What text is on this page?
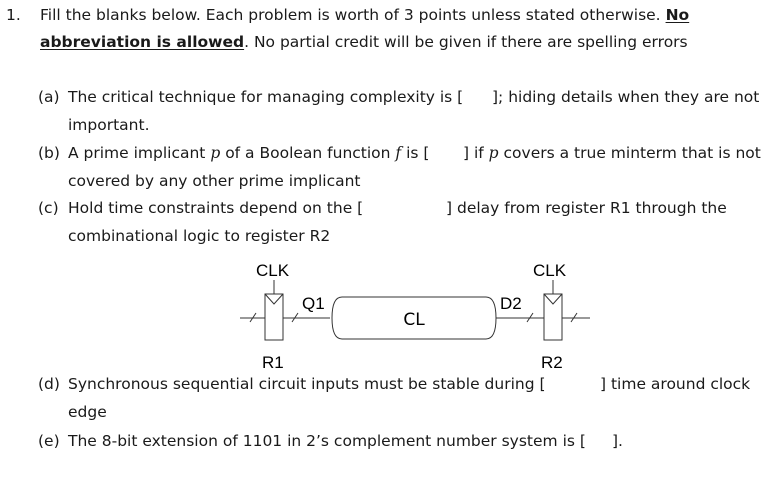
1. Fill the blanks below. Each problem is worth of 3 points unless stated otherwise. No
abbreviation is allowed. No partial credit will be given if there are spelling errors
(a) The critical technique for managing complexity is [ ]; hiding details when they are not
important.
(b) A prime implicant p of a Boolean function f is [ ] if p covers a true minterm that is not
covered by any other prime implicant
(c) Hold time constraints depend on the [	] delay from register R1 through the
combinational logic to register R2
CLK	CLK
Q1	D2
CL
R1	R2
(d) Synchronous sequential circuit inputs must be stable during [	] time around clock
edge
(e) The 8-bit extension of 1101 in 2’s complement number system is [ ].
